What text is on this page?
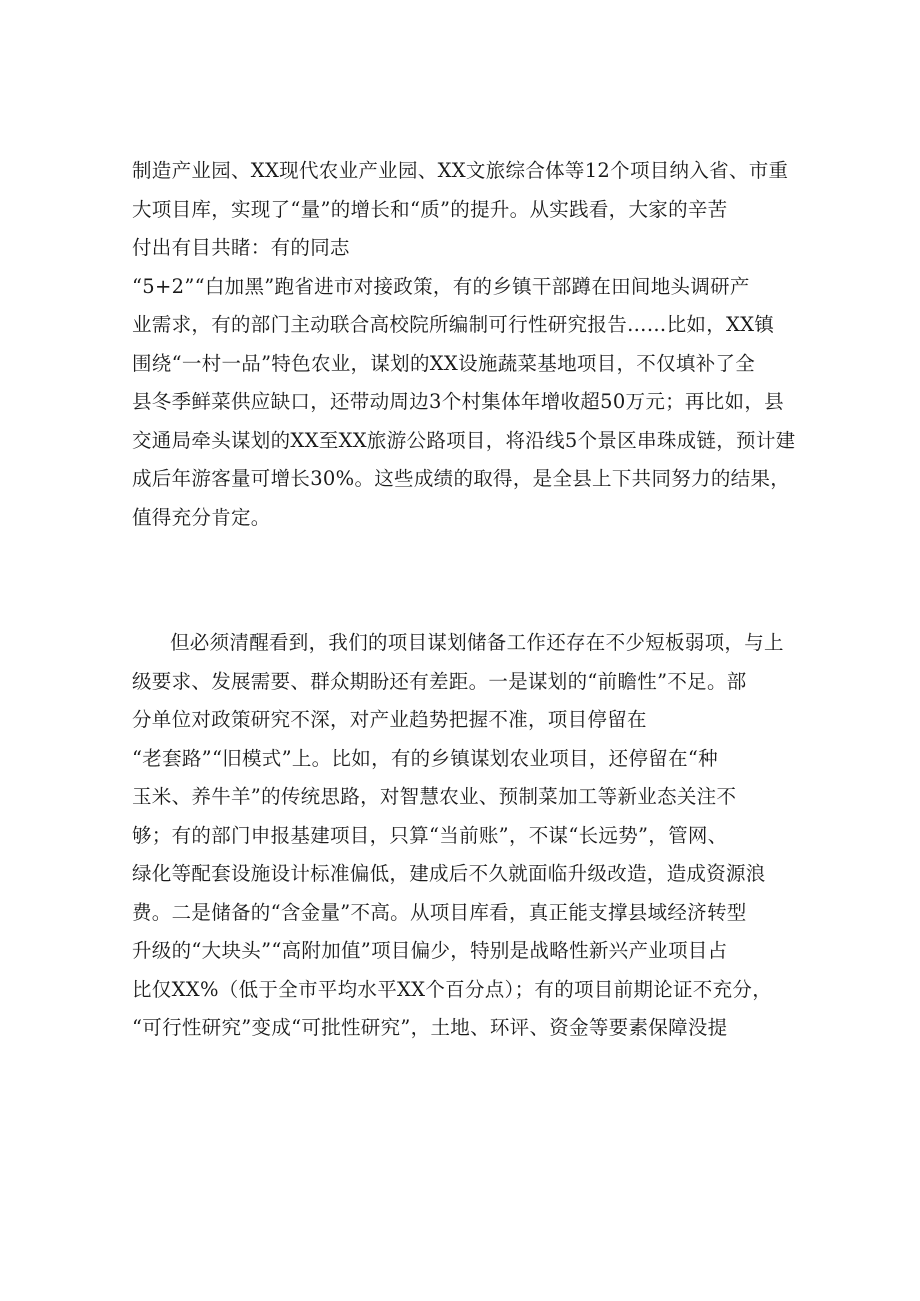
制造产业园、XX现代农业产业园、XX文旅综合体等12个项目纳入省、市重
大项目库，实现了“量”的增长和“质”的提升。从实践看，大家的辛苦
付出有目共睹：有的同志
“5+2”“白加黑”跑省进市对接政策，有的乡镇干部蹲在田间地头调研产
业需求，有的部门主动联合高校院所编制可行性研究报告……比如，XX镇
围绕“一村一品”特色农业，谋划的XX设施蔬菜基地项目，不仅填补了全
县冬季鲜菜供应缺口，还带动周边3个村集体年增收超50万元；再比如，县
交通局牵头谋划的XX至XX旅游公路项目，将沿线5个景区串珠成链，预计建
成后年游客量可增长30%。这些成绩的取得，是全县上下共同努力的结果，
值得充分肯定。
但必须清醒看到，我们的项目谋划储备工作还存在不少短板弱项，与上
级要求、发展需要、群众期盼还有差距。一是谋划的“前瞻性”不足。部
分单位对政策研究不深，对产业趋势把握不准，项目停留在
“老套路”“旧模式”上。比如，有的乡镇谋划农业项目，还停留在“种
玉米、养牛羊”的传统思路，对智慧农业、预制菜加工等新业态关注不
够；有的部门申报基建项目，只算“当前账”，不谋“长远势”，管网、
绿化等配套设施设计标准偏低，建成后不久就面临升级改造，造成资源浪
费。二是储备的“含金量”不高。从项目库看，真正能支撑县域经济转型
升级的“大块头”“高附加值”项目偏少，特别是战略性新兴产业项目占
比仅XX%（低于全市平均水平XX个百分点）；有的项目前期论证不充分，
“可行性研究”变成“可批性研究”，土地、环评、资金等要素保障没提
